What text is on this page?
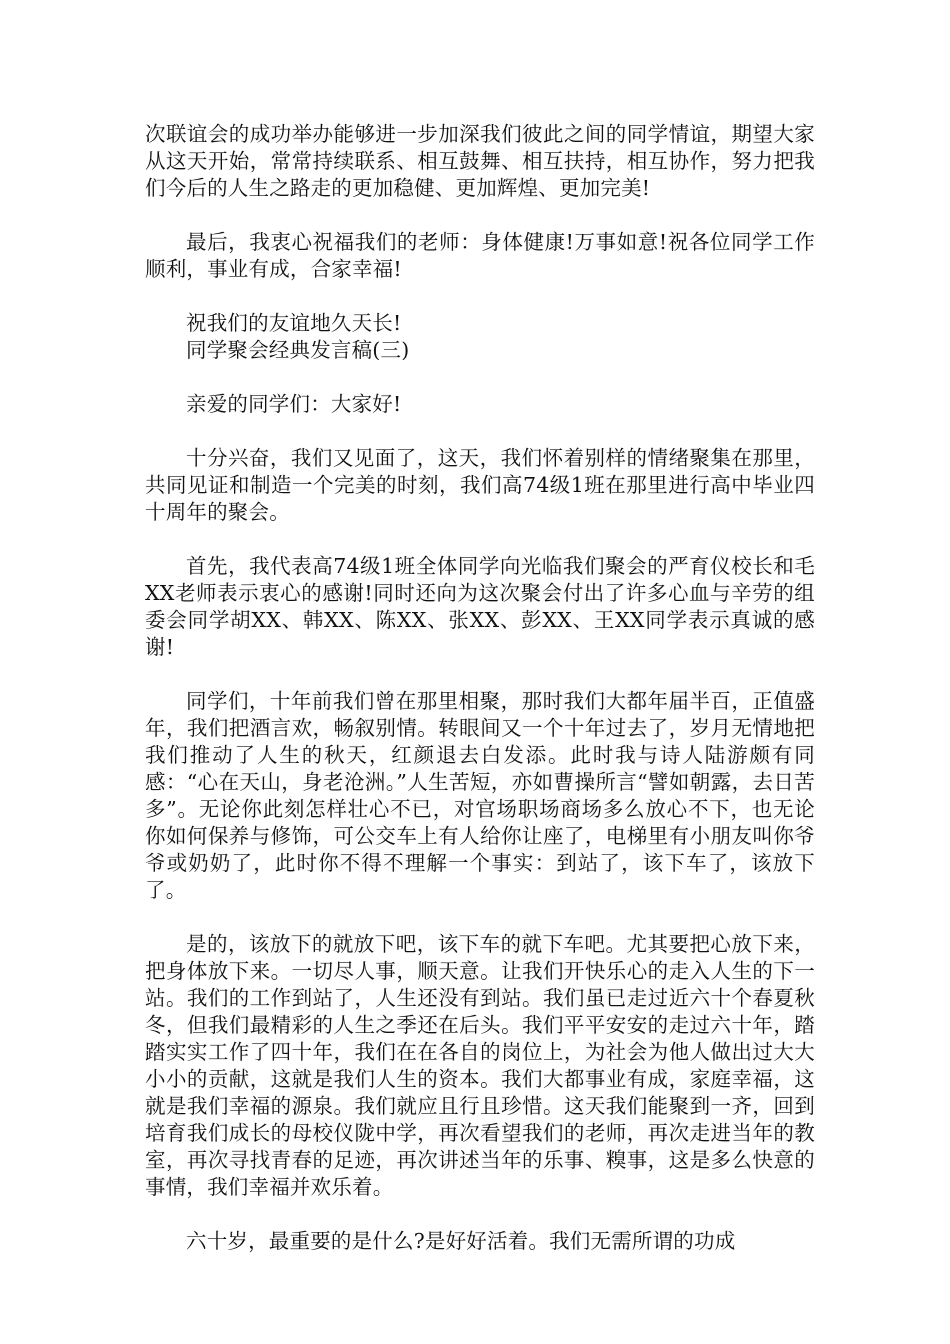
次联谊会的成功举办能够进一步加深我们彼此之间的同学情谊，期望大家从这天开始，常常持续联系、相互鼓舞、相互扶持，相互协作，努力把我们今后的人生之路走的更加稳健、更加辉煌、更加完美!

最后，我衷心祝福我们的老师：身体健康!万事如意!祝各位同学工作顺利，事业有成，合家幸福!

祝我们的友谊地久天长!

同学聚会经典发言稿(三)

亲爱的同学们：大家好!

十分兴奋，我们又见面了，这天，我们怀着别样的情绪聚集在那里，共同见证和制造一个完美的时刻，我们高74级1班在那里进行高中毕业四十周年的聚会。

首先，我代表高74级1班全体同学向光临我们聚会的严育仪校长和毛XX老师表示衷心的感谢!同时还向为这次聚会付出了许多心血与辛劳的组委会同学胡XX、韩XX、陈XX、张XX、彭XX、王XX同学表示真诚的感谢!

同学们，十年前我们曾在那里相聚，那时我们大都年届半百，正值盛年，我们把酒言欢，畅叙别情。转眼间又一个十年过去了，岁月无情地把我们推动了人生的秋天，红颜退去白发添。此时我与诗人陆游颇有同感：“心在天山，身老沧洲。”人生苦短，亦如曹操所言“譬如朝露，去日苦多”。无论你此刻怎样壮心不已，对官场职场商场多么放心不下，也无论你如何保养与修饰，可公交车上有人给你让座了，电梯里有小朋友叫你爷爷或奶奶了，此时你不得不理解一个事实：到站了，该下车了，该放下了。

是的，该放下的就放下吧，该下车的就下车吧。尤其要把心放下来，把身体放下来。一切尽人事，顺天意。让我们开快乐心的走入人生的下一站。我们的工作到站了，人生还没有到站。我们虽已走过近六十个春夏秋冬，但我们最精彩的人生之季还在后头。我们平平安安的走过六十年，踏踏实实工作了四十年，我们在在各自的岗位上，为社会为他人做出过大大小小的贡献，这就是我们人生的资本。我们大都事业有成，家庭幸福，这就是我们幸福的源泉。我们就应且行且珍惜。这天我们能聚到一齐，回到培育我们成长的母校仪陇中学，再次看望我们的老师，再次走进当年的教室，再次寻找青春的足迹，再次讲述当年的乐事、糗事，这是多么快意的事情，我们幸福并欢乐着。

六十岁，最重要的是什么?是好好活着。我们无需所谓的功成
